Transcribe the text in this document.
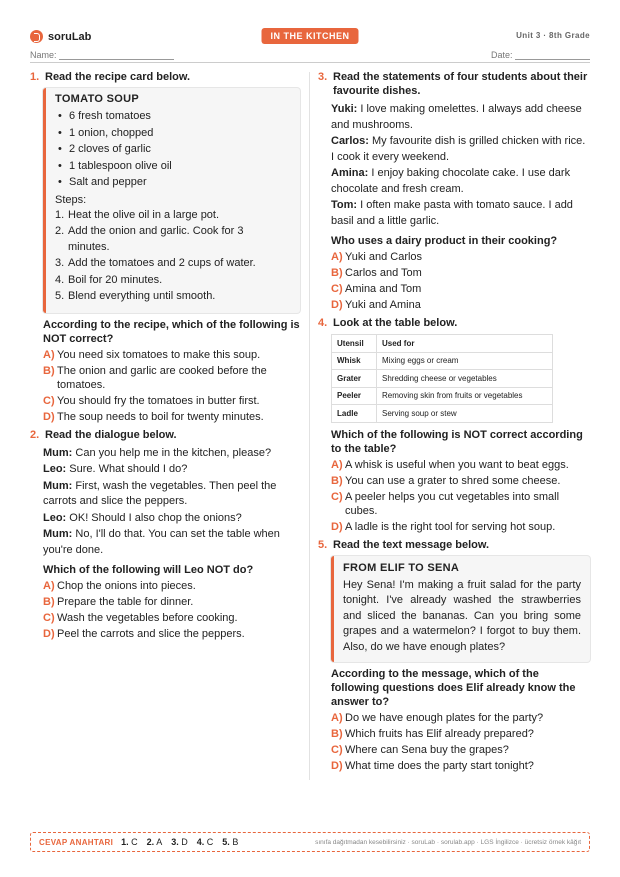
soruLab	IN THE KITCHEN	Unit 3 · 8th Grade
Name:	Date:
1. Read the recipe card below.
TOMATO SOUP
• 6 fresh tomatoes
• 1 onion, chopped
• 2 cloves of garlic
• 1 tablespoon olive oil
• Salt and pepper
Steps:
1. Heat the olive oil in a large pot.
2. Add the onion and garlic. Cook for 3 minutes.
3. Add the tomatoes and 2 cups of water.
4. Boil for 20 minutes.
5. Blend everything until smooth.
According to the recipe, which of the following is NOT correct?
A) You need six tomatoes to make this soup.
B) The onion and garlic are cooked before the tomatoes.
C) You should fry the tomatoes in butter first.
D) The soup needs to boil for twenty minutes.
2. Read the dialogue below.
Mum: Can you help me in the kitchen, please?
Leo: Sure. What should I do?
Mum: First, wash the vegetables. Then peel the carrots and slice the peppers.
Leo: OK! Should I also chop the onions?
Mum: No, I'll do that. You can set the table when you're done.
Which of the following will Leo NOT do?
A) Chop the onions into pieces.
B) Prepare the table for dinner.
C) Wash the vegetables before cooking.
D) Peel the carrots and slice the peppers.
3. Read the statements of four students about their favourite dishes.
Yuki: I love making omelettes. I always add cheese and mushrooms.
Carlos: My favourite dish is grilled chicken with rice. I cook it every weekend.
Amina: I enjoy baking chocolate cake. I use dark chocolate and fresh cream.
Tom: I often make pasta with tomato sauce. I add basil and a little garlic.
Who uses a dairy product in their cooking?
A) Yuki and Carlos
B) Carlos and Tom
C) Amina and Tom
D) Yuki and Amina
4. Look at the table below.
Utensil	Used for
Whisk	Mixing eggs or cream
Grater	Shredding cheese or vegetables
Peeler	Removing skin from fruits or vegetables
Ladle	Serving soup or stew
Which of the following is NOT correct according to the table?
A) A whisk is useful when you want to beat eggs.
B) You can use a grater to shred some cheese.
C) A peeler helps you cut vegetables into small cubes.
D) A ladle is the right tool for serving hot soup.
5. Read the text message below.
FROM ELIF TO SENA
Hey Sena! I'm making a fruit salad for the party tonight. I've already washed the strawberries and sliced the bananas. Can you bring some grapes and a watermelon? I forgot to buy them. Also, do we have enough plates?
According to the message, which of the following questions does Elif already know the answer to?
A) Do we have enough plates for the party?
B) Which fruits has Elif already prepared?
C) Where can Sena buy the grapes?
D) What time does the party start tonight?
CEVAP ANAHTARI 1. C 2. A 3. D 4. C 5. B	sınıfa dağıtmadan kesebilirsiniz · soruLab · sorulab.app · LGS İngilizce · ücretsiz örnek kâğıt
